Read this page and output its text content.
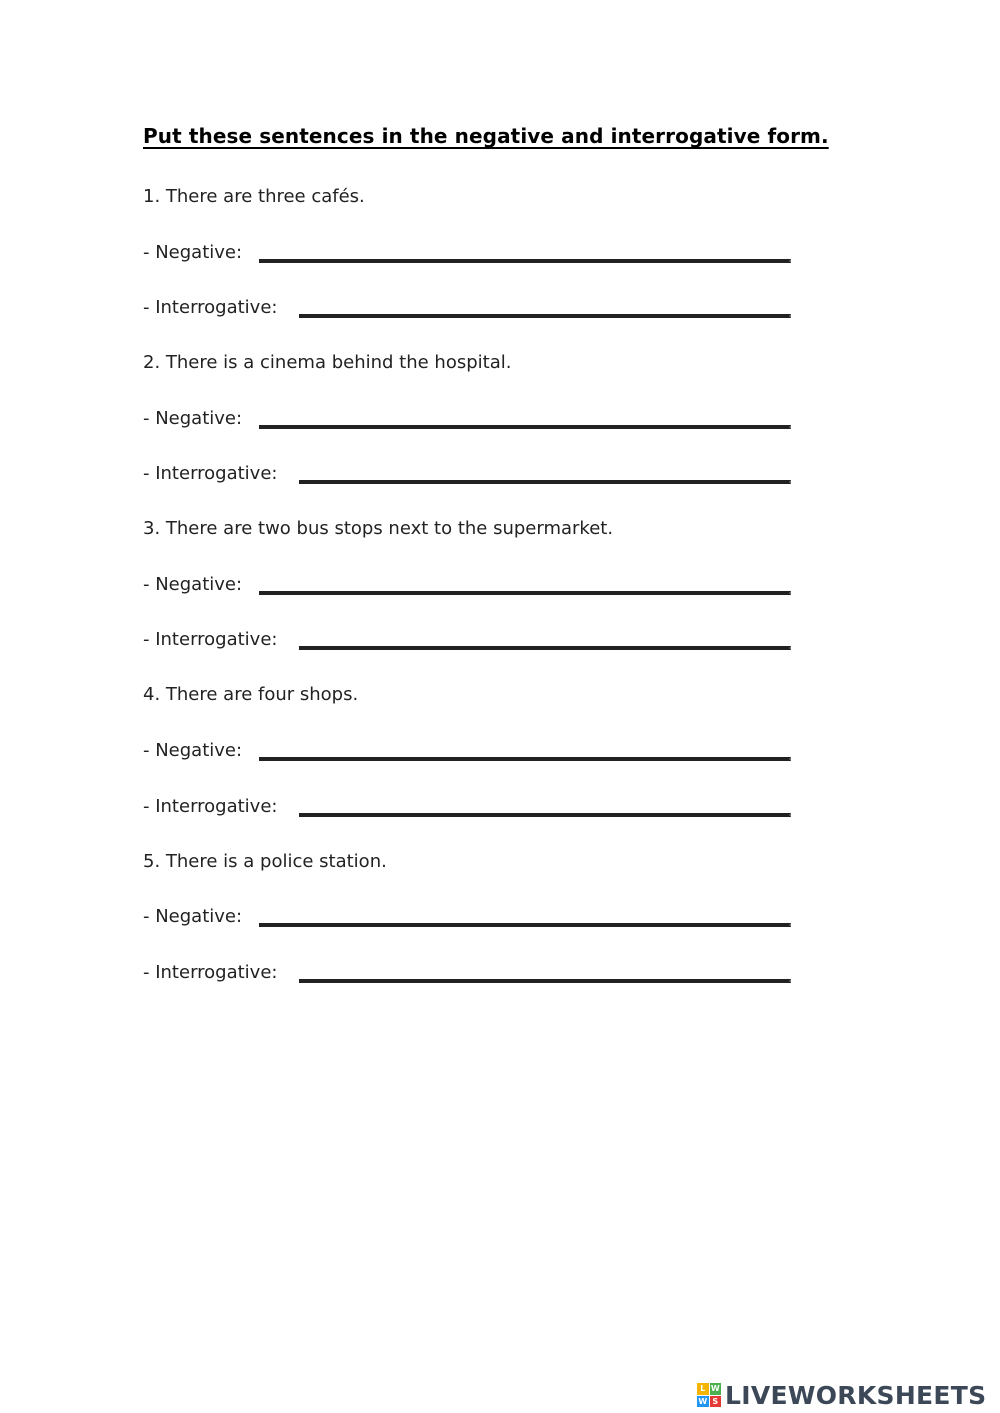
Put these sentences in the negative and interrogative form.
1. There are three cafés.
- Negative:
- Interrogative:
2. There is a cinema behind the hospital.
- Negative:
- Interrogative:
3. There are two bus stops next to the supermarket.
- Negative:
- Interrogative:
4. There are four shops.
- Negative:
- Interrogative:
5. There is a police station.
- Negative:
- Interrogative:
L W
W S LIVEWORKSHEETS
